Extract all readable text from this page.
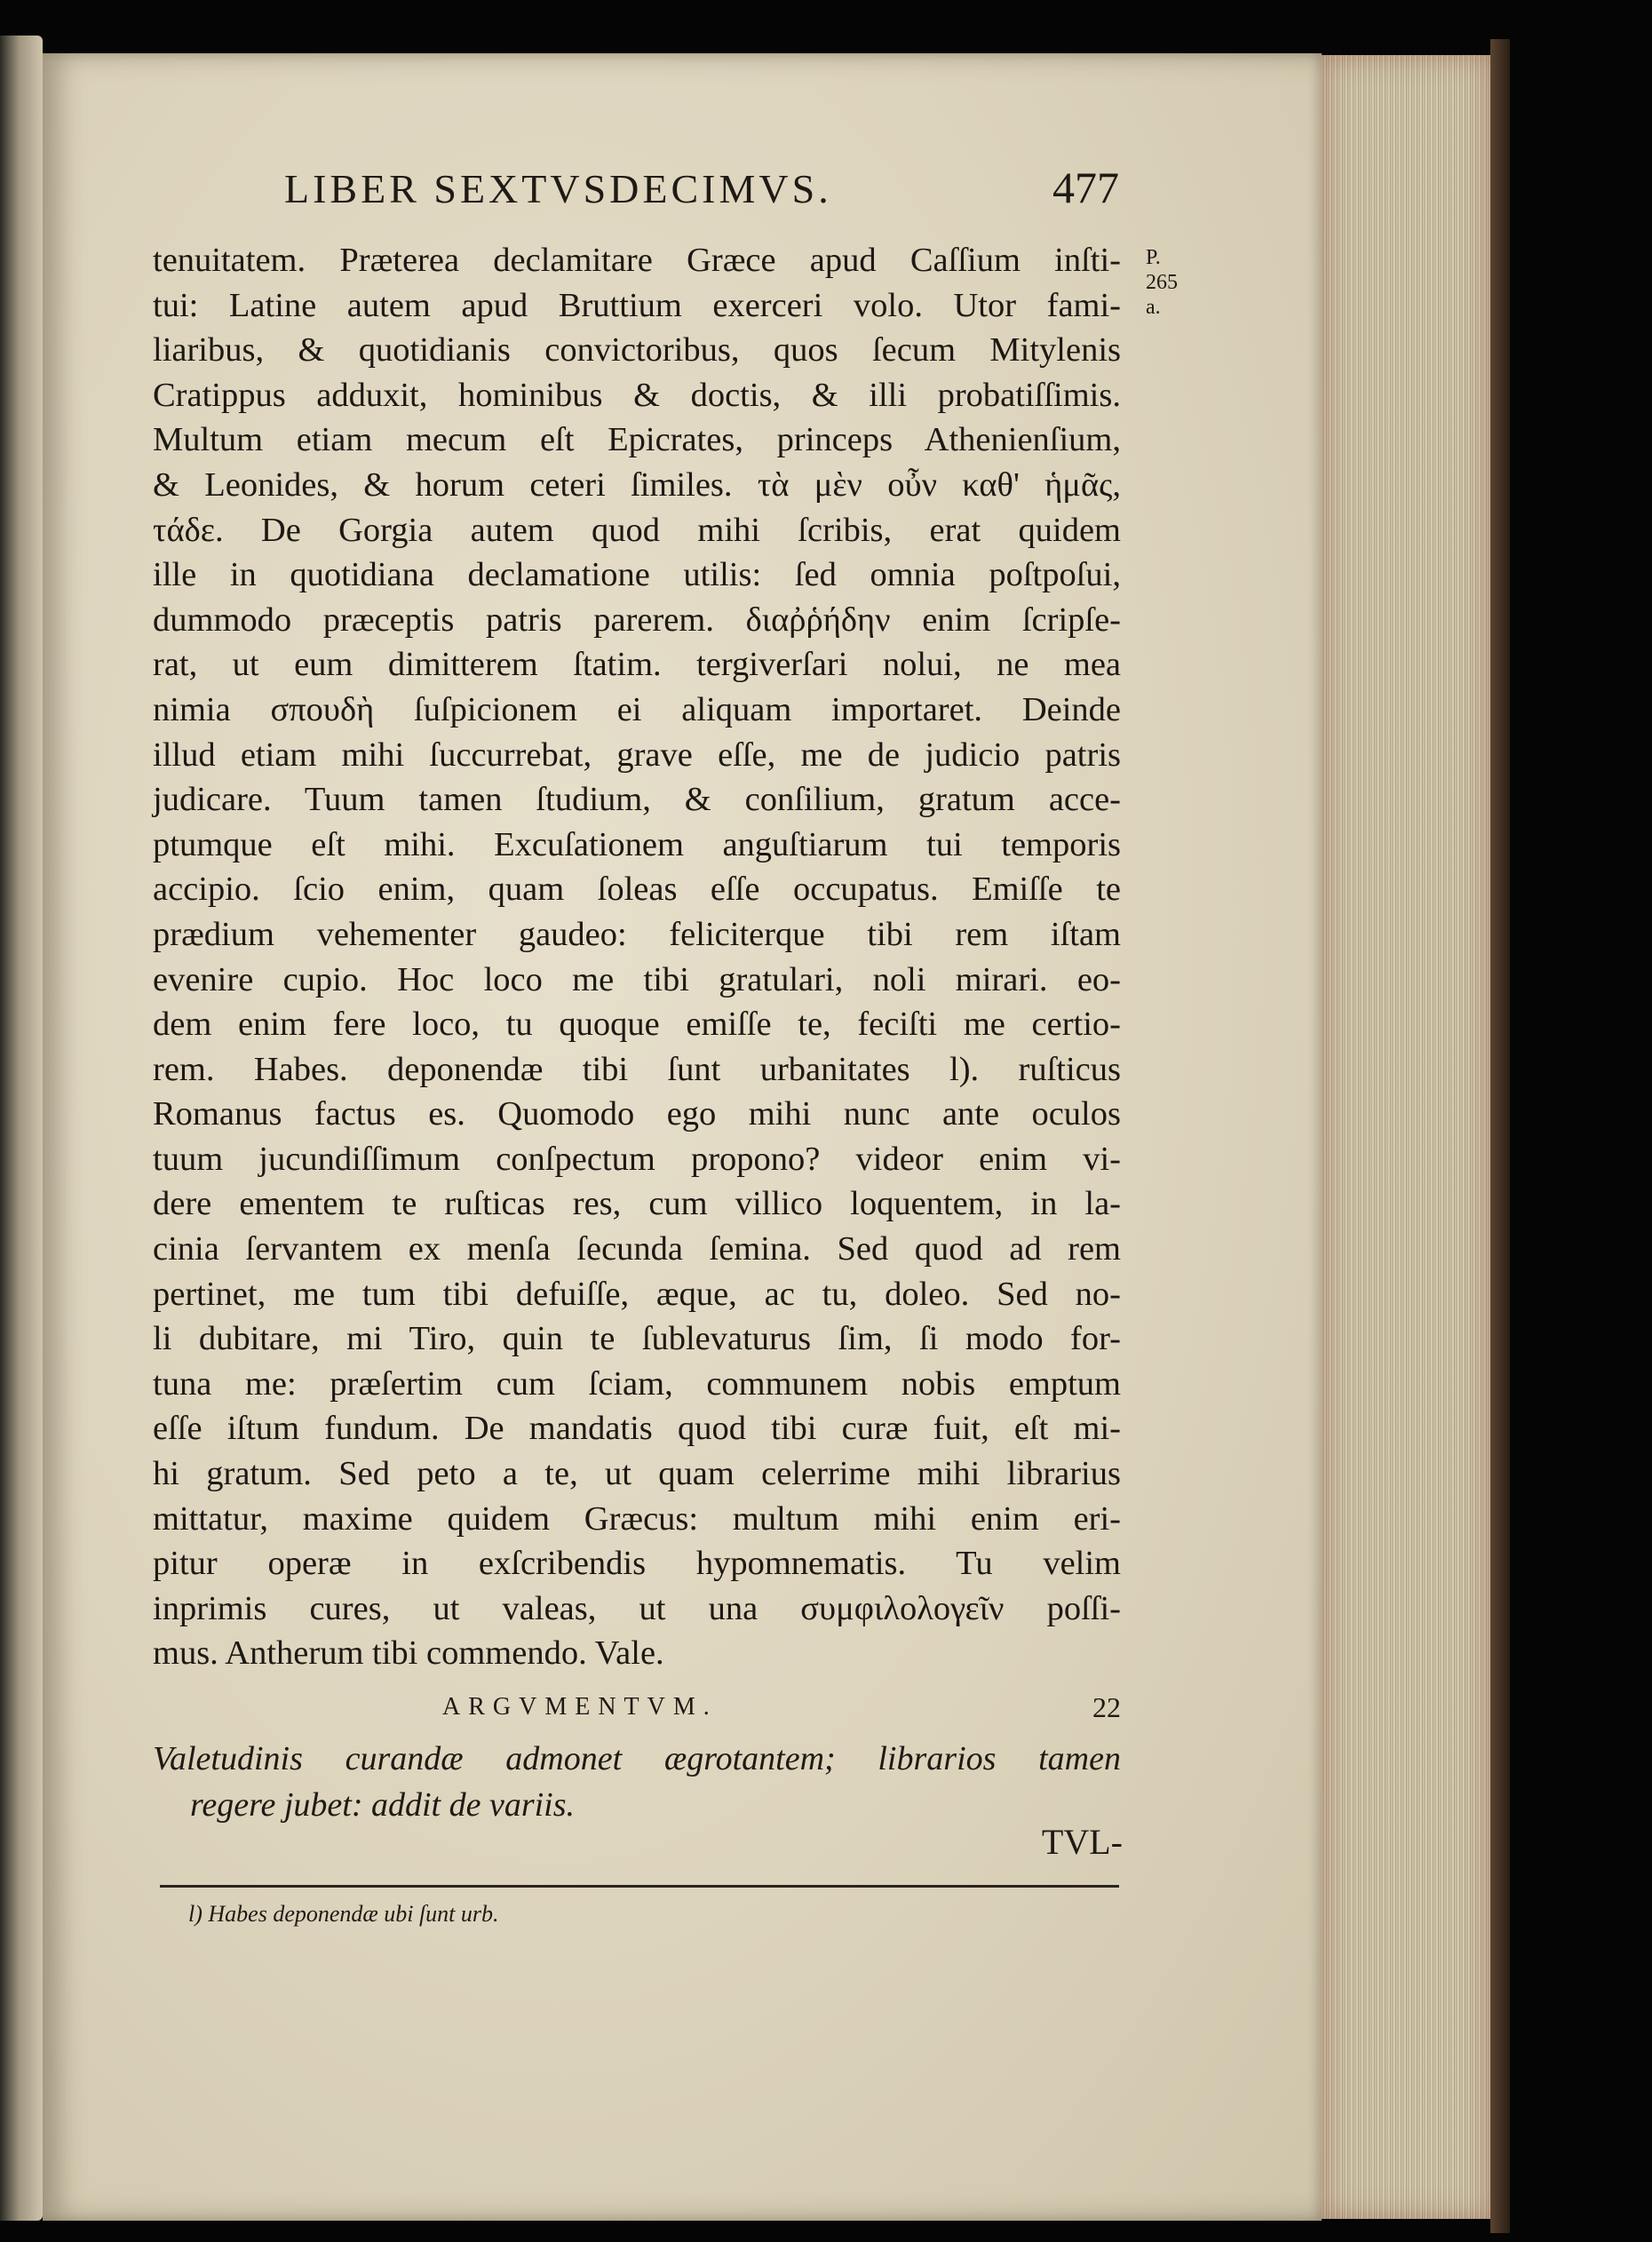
LIBER SEXTVSDECIMVS.	477
P.
265
a.
tenuitatem. Præterea declamitare Græce apud Caſſium inſti-
tui: Latine autem apud Bruttium exerceri volo. Utor fami-
liaribus, & quotidianis convictoribus, quos ſecum Mitylenis
Cratippus adduxit, hominibus & doctis, & illi probatiſſimis.
Multum etiam mecum eſt Epicrates, princeps Athenienſium,
& Leonides, & horum ceteri ſimiles. τὰ μὲν οὖν καθ' ἡμᾶς,
τάδε. De Gorgia autem quod mihi ſcribis, erat quidem
ille in quotidiana declamatione utilis: ſed omnia poſtpoſui,
dummodo præceptis patris parerem. διαῤῥήδην enim ſcripſe-
rat, ut eum dimitterem ſtatim. tergiverſari nolui, ne mea
nimia σπουδὴ ſuſpicionem ei aliquam importaret. Deinde
illud etiam mihi ſuccurrebat, grave eſſe, me de judicio patris
judicare. Tuum tamen ſtudium, & conſilium, gratum acce-
ptumque eſt mihi. Excuſationem anguſtiarum tui temporis
accipio. ſcio enim, quam ſoleas eſſe occupatus. Emiſſe te
prædium vehementer gaudeo: feliciterque tibi rem iſtam
evenire cupio. Hoc loco me tibi gratulari, noli mirari. eo-
dem enim fere loco, tu quoque emiſſe te, feciſti me certio-
rem. Habes. deponendæ tibi ſunt urbanitates l). ruſticus
Romanus factus es. Quomodo ego mihi nunc ante oculos
tuum jucundiſſimum conſpectum propono? videor enim vi-
dere ementem te ruſticas res, cum villico loquentem, in la-
cinia ſervantem ex menſa ſecunda ſemina. Sed quod ad rem
pertinet, me tum tibi defuiſſe, æque, ac tu, doleo. Sed no-
li dubitare, mi Tiro, quin te ſublevaturus ſim, ſi modo for-
tuna me: præſertim cum ſciam, communem nobis emptum
eſſe iſtum fundum. De mandatis quod tibi curæ fuit, eſt mi-
hi gratum. Sed peto a te, ut quam celerrime mihi librarius
mittatur, maxime quidem Græcus: multum mihi enim eri-
pitur operæ in exſcribendis hypomnematis. Tu velim
inprimis cures, ut valeas, ut una συμφιλολογεῖν poſſi-
mus. Antherum tibi commendo. Vale.
ARGVMENTVM.	22
Valetudinis curandæ admonet ægrotantem; librarios tamen
regere jubet: addit de variis.
TVL-
l) Habes deponendæ ubi ſunt urb.
